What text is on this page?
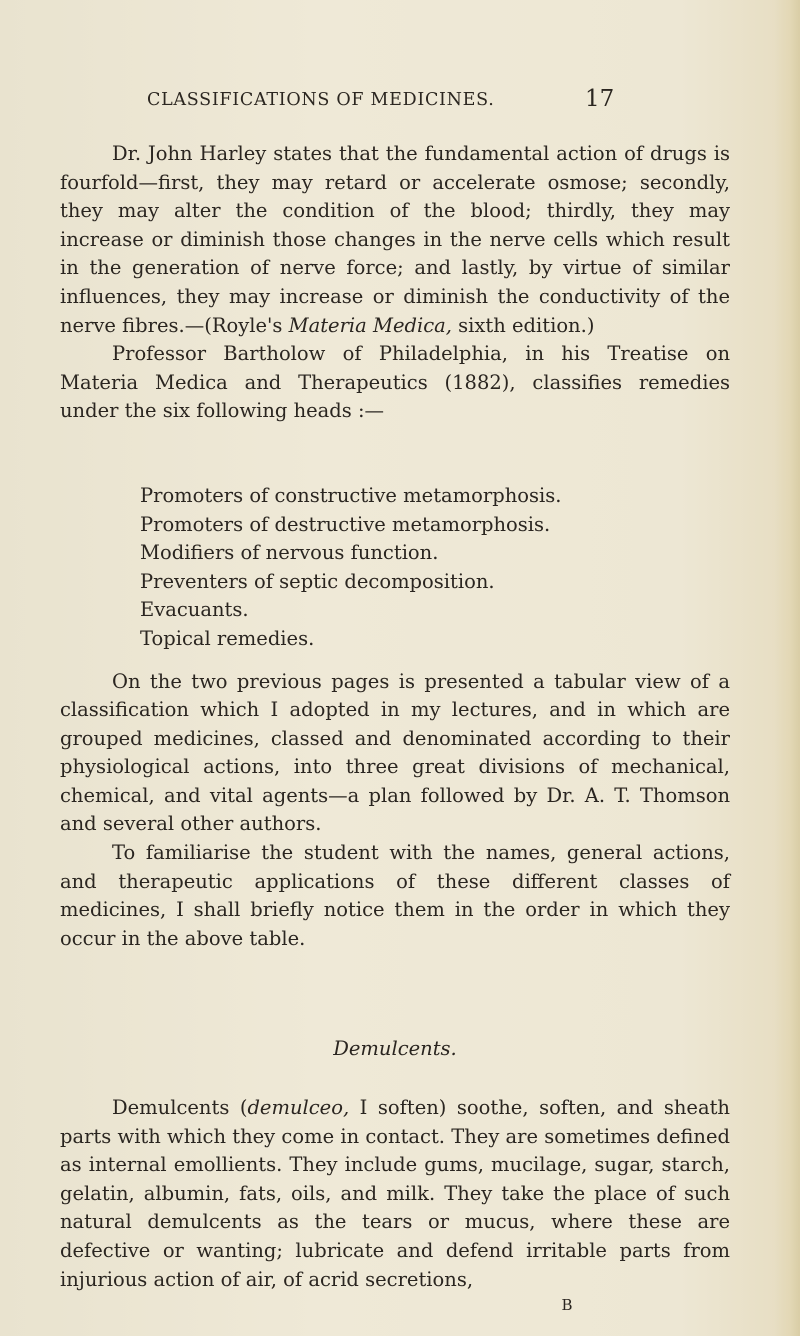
CLASSIFICATIONS OF MEDICINES.	17

Dr. John Harley states that the fundamental action of drugs is fourfold—first, they may retard or accelerate osmose; secondly, they may alter the condition of the blood; thirdly, they may increase or diminish those changes in the nerve cells which result in the generation of nerve force; and lastly, by virtue of similar influences, they may increase or diminish the conductivity of the nerve fibres.—(Royle's Materia Medica, sixth edition.)

Professor Bartholow of Philadelphia, in his Treatise on Materia Medica and Therapeutics (1882), classifies remedies under the six following heads :—

Promoters of constructive metamorphosis.
Promoters of destructive metamorphosis.
Modifiers of nervous function.
Preventers of septic decomposition.
Evacuants.
Topical remedies.

On the two previous pages is presented a tabular view of a classification which I adopted in my lectures, and in which are grouped medicines, classed and denominated according to their physiological actions, into three great divisions of mechanical, chemical, and vital agents—a plan followed by Dr. A. T. Thomson and several other authors.

To familiarise the student with the names, general actions, and therapeutic applications of these different classes of medicines, I shall briefly notice them in the order in which they occur in the above table.

Demulcents.

Demulcents (demulceo, I soften) soothe, soften, and sheath parts with which they come in contact. They are sometimes defined as internal emollients. They include gums, mucilage, sugar, starch, gelatin, albumin, fats, oils, and milk. They take the place of such natural demulcents as the tears or mucus, where these are defective or wanting; lubricate and defend irritable parts from injurious action of air, of acrid secretions,

B
